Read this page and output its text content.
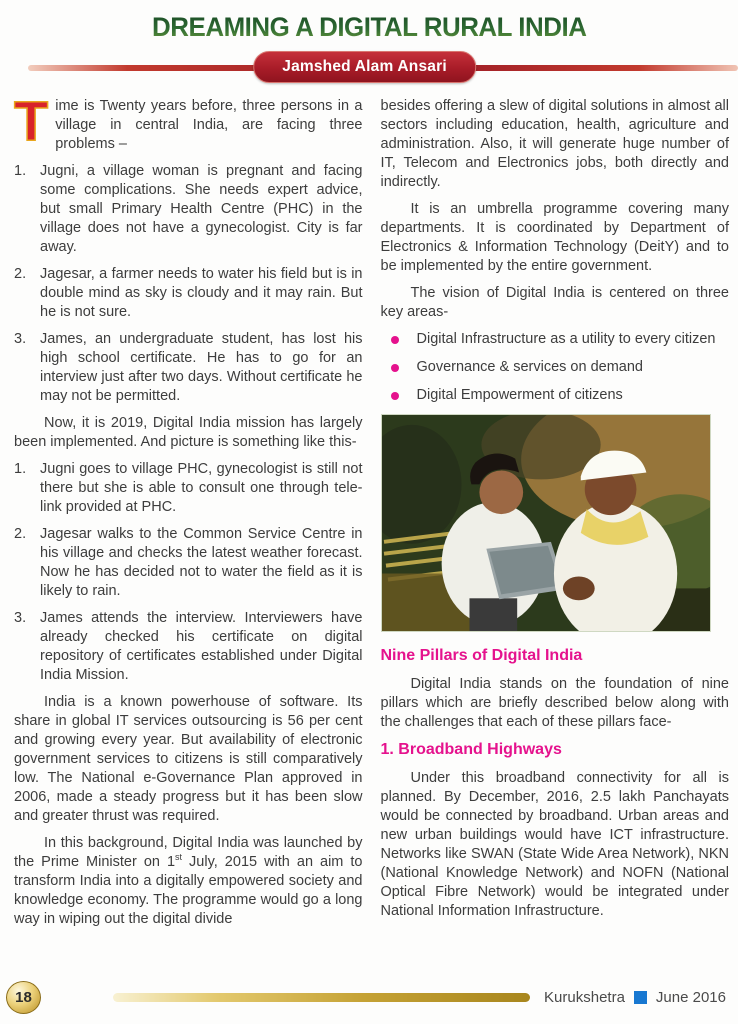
DREAMING A DIGITAL RURAL INDIA
Jamshed Alam Ansari
Time is Twenty years before, three persons in a village in central India, are facing three problems –
1. Jugni, a village woman is pregnant and facing some complications. She needs expert advice, but small Primary Health Centre (PHC) in the village does not have a gynecologist. City is far away.
2. Jagesar, a farmer needs to water his field but is in double mind as sky is cloudy and it may rain. But he is not sure.
3. James, an undergraduate student, has lost his high school certificate. He has to go for an interview just after two days. Without certificate he may not be permitted.
Now, it is 2019, Digital India mission has largely been implemented. And picture is something like this-
1. Jugni goes to village PHC, gynecologist is still not there but she is able to consult one through tele-link provided at PHC.
2. Jagesar walks to the Common Service Centre in his village and checks the latest weather forecast. Now he has decided not to water the field as it is likely to rain.
3. James attends the interview. Interviewers have already checked his certificate on digital repository of certificates established under Digital India Mission.
India is a known powerhouse of software. Its share in global IT services outsourcing is 56 per cent and growing every year. But availability of electronic government services to citizens is still comparatively low. The National e-Governance Plan approved in 2006, made a steady progress but it has been slow and greater thrust was required.
In this background, Digital India was launched by the Prime Minister on 1st July, 2015 with an aim to transform India into a digitally empowered society and knowledge economy. The programme would go a long way in wiping out the digital divide
besides offering a slew of digital solutions in almost all sectors including education, health, agriculture and administration. Also, it will generate huge number of IT, Telecom and Electronics jobs, both directly and indirectly.
It is an umbrella programme covering many departments. It is coordinated by Department of Electronics & Information Technology (DeitY) and to be implemented by the entire government.
The vision of Digital India is centered on three key areas-
Digital Infrastructure as a utility to every citizen
Governance & services on demand
Digital Empowerment of citizens
Nine Pillars of Digital India
Digital India stands on the foundation of nine pillars which are briefly described below along with the challenges that each of these pillars face-
1. Broadband Highways
Under this broadband connectivity for all is planned. By December, 2016, 2.5 lakh Panchayats would be connected by broadband. Urban areas and new urban buildings would have ICT infrastructure. Networks like SWAN (State Wide Area Network), NKN (National Knowledge Network) and NOFN (National Optical Fibre Network) would be integrated under National Information Infrastructure.
18	Kurukshetra June 2016
